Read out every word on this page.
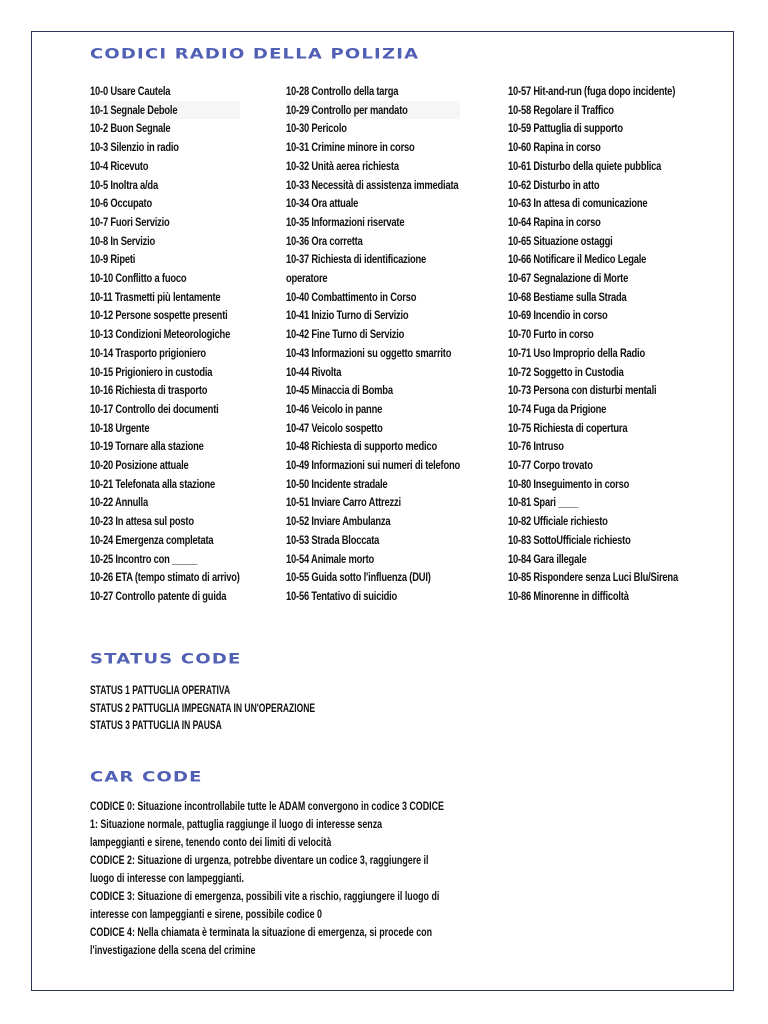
CODICI RADIO DELLA POLIZIA
10-0 Usare Cautela
10-1 Segnale Debole
10-2 Buon Segnale
10-3 Silenzio in radio
10-4 Ricevuto
10-5 Inoltra a/da
10-6 Occupato
10-7 Fuori Servizio
10-8 In Servizio
10-9 Ripeti
10-10 Conflitto a fuoco
10-11 Trasmetti più lentamente
10-12 Persone sospette presenti
10-13 Condizioni Meteorologiche
10-14 Trasporto prigioniero
10-15 Prigioniero in custodia
10-16 Richiesta di trasporto
10-17 Controllo dei documenti
10-18 Urgente
10-19 Tornare alla stazione
10-20 Posizione attuale
10-21 Telefonata alla stazione
10-22 Annulla
10-23 In attesa sul posto
10-24 Emergenza completata
10-25 Incontro con _____
10-26 ETA (tempo stimato di arrivo)
10-27 Controllo patente di guida
10-28 Controllo della targa
10-29 Controllo per mandato
10-30 Pericolo
10-31 Crimine minore in corso
10-32 Unità aerea richiesta
10-33 Necessità di assistenza immediata
10-34 Ora attuale
10-35 Informazioni riservate
10-36 Ora corretta
10-37 Richiesta di identificazione
operatore
10-40 Combattimento in Corso
10-41 Inizio Turno di Servizio
10-42 Fine Turno di Servizio
10-43 Informazioni su oggetto smarrito
10-44 Rivolta
10-45 Minaccia di Bomba
10-46 Veicolo in panne
10-47 Veicolo sospetto
10-48 Richiesta di supporto medico
10-49 Informazioni sui numeri di telefono
10-50 Incidente stradale
10-51 Inviare Carro Attrezzi
10-52 Inviare Ambulanza
10-53 Strada Bloccata
10-54 Animale morto
10-55 Guida sotto l'influenza (DUI)
10-56 Tentativo di suicidio
10-57 Hit-and-run (fuga dopo incidente)
10-58 Regolare il Traffico
10-59 Pattuglia di supporto
10-60 Rapina in corso
10-61 Disturbo della quiete pubblica
10-62 Disturbo in atto
10-63 In attesa di comunicazione
10-64 Rapina in corso
10-65 Situazione ostaggi
10-66 Notificare il Medico Legale
10-67 Segnalazione di Morte
10-68 Bestiame sulla Strada
10-69 Incendio in corso
10-70 Furto in corso
10-71 Uso Improprio della Radio
10-72 Soggetto in Custodia
10-73 Persona con disturbi mentali
10-74 Fuga da Prigione
10-75 Richiesta di copertura
10-76 Intruso
10-77 Corpo trovato
10-80 Inseguimento in corso
10-81 Spari ____
10-82 Ufficiale richiesto
10-83 SottoUfficiale richiesto
10-84 Gara illegale
10-85 Rispondere senza Luci Blu/Sirena
10-86 Minorenne in difficoltà
STATUS CODE
STATUS 1 PATTUGLIA OPERATIVA
STATUS 2 PATTUGLIA IMPEGNATA IN UN'OPERAZIONE
STATUS 3 PATTUGLIA IN PAUSA
CAR CODE
CODICE 0: Situazione incontrollabile tutte le ADAM convergono in codice 3 CODICE
1: Situazione normale, pattuglia raggiunge il luogo di interesse senza
lampeggianti e sirene, tenendo conto dei limiti di velocità
CODICE 2: Situazione di urgenza, potrebbe diventare un codice 3, raggiungere il
luogo di interesse con lampeggianti.
CODICE 3: Situazione di emergenza, possibili vite a rischio, raggiungere il luogo di
interesse con lampeggianti e sirene, possibile codice 0
CODICE 4: Nella chiamata è terminata la situazione di emergenza, si procede con
l'investigazione della scena del crimine
